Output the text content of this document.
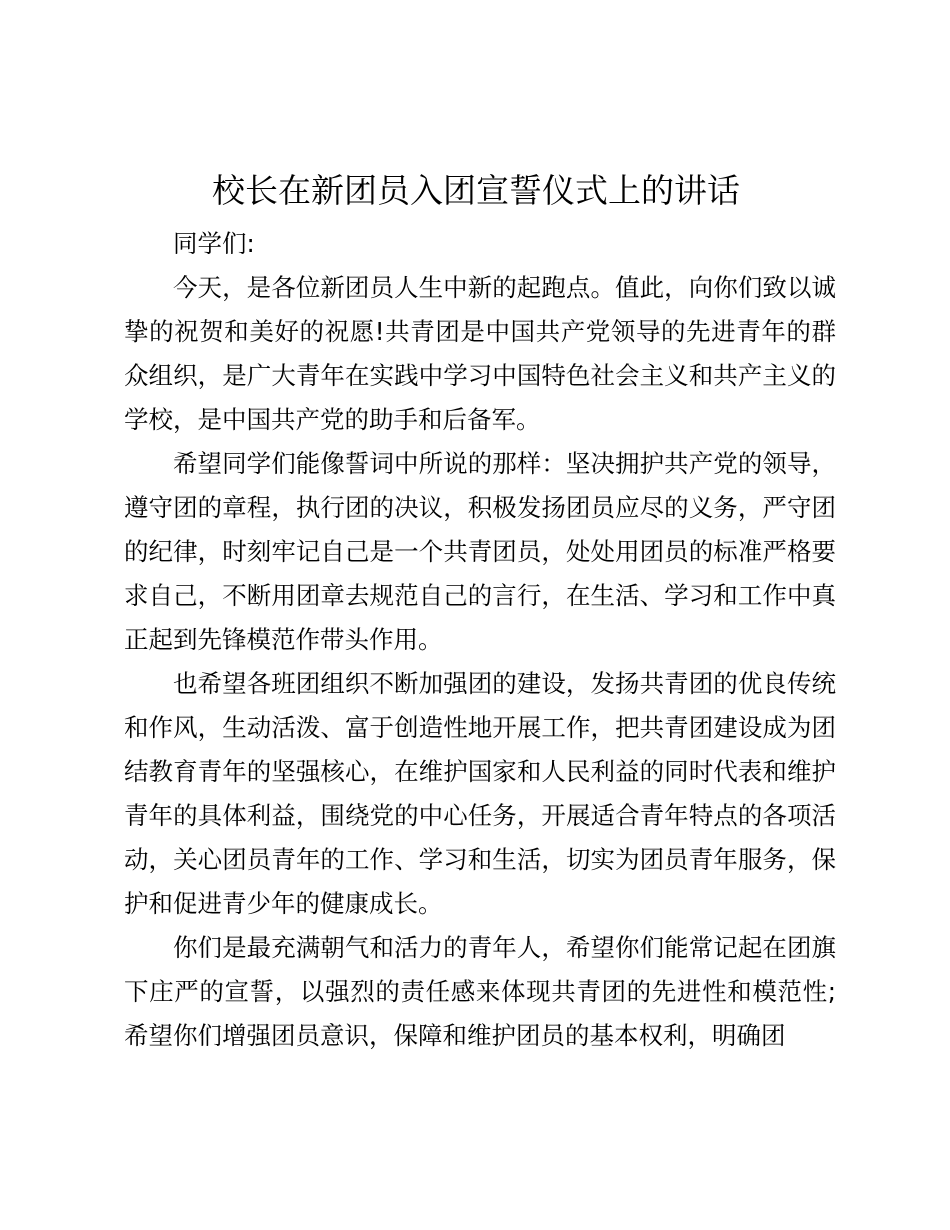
校长在新团员入团宣誓仪式上的讲话

同学们:

今天，是各位新团员人生中新的起跑点。值此，向你们致以诚挚的祝贺和美好的祝愿!共青团是中国共产党领导的先进青年的群众组织，是广大青年在实践中学习中国特色社会主义和共产主义的学校，是中国共产党的助手和后备军。

希望同学们能像誓词中所说的那样：坚决拥护共产党的领导，遵守团的章程，执行团的决议，积极发扬团员应尽的义务，严守团的纪律，时刻牢记自己是一个共青团员，处处用团员的标准严格要求自己，不断用团章去规范自己的言行，在生活、学习和工作中真正起到先锋模范作带头作用。

也希望各班团组织不断加强团的建设，发扬共青团的优良传统和作风，生动活泼、富于创造性地开展工作，把共青团建设成为团结教育青年的坚强核心，在维护国家和人民利益的同时代表和维护青年的具体利益，围绕党的中心任务，开展适合青年特点的各项活动，关心团员青年的工作、学习和生活，切实为团员青年服务，保护和促进青少年的健康成长。

你们是最充满朝气和活力的青年人，希望你们能常记起在团旗下庄严的宣誓，以强烈的责任感来体现共青团的先进性和模范性;希望你们增强团员意识，保障和维护团员的基本权利，明确团
